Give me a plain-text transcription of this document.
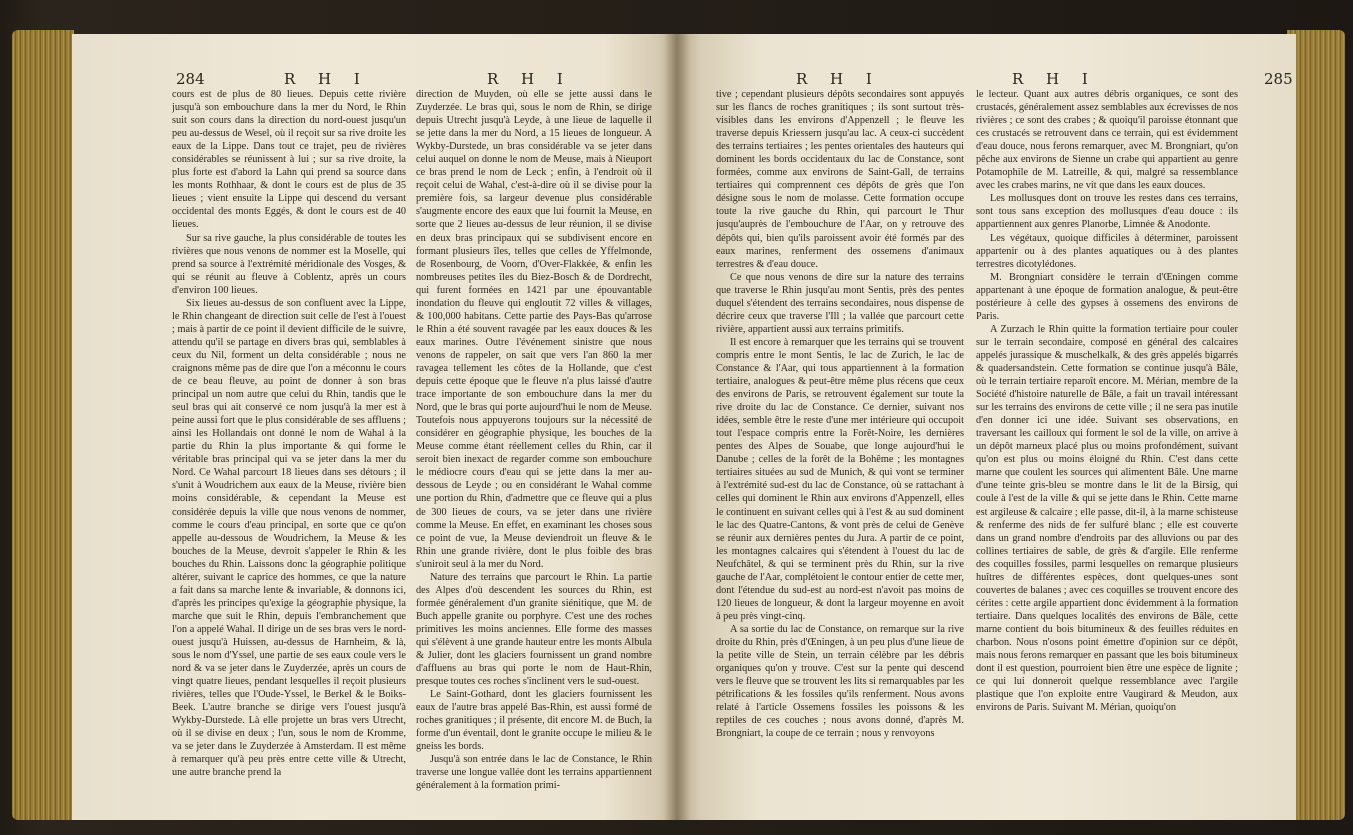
284	R H I	R H I

cours est de plus de 80 lieues. Depuis cette rivière jusqu'à son embouchure dans la mer du Nord, le Rhin suit son cours dans la direction du nord-ouest jusqu'un peu au-dessus de Wesel, où il reçoit sur sa rive droite les eaux de la Lippe. Dans tout ce trajet, peu de rivières considérables se réunissent à lui ; sur sa rive droite, la plus forte est d'abord la Lahn qui prend sa source dans les monts Rothhaar, & dont le cours est de plus de 35 lieues ; vient ensuite la Lippe qui descend du versant occidental des monts Eggés, & dont le cours est de 40 lieues.

Sur sa rive gauche, la plus considérable de toutes les rivières que nous venons de nommer est la Moselle, qui prend sa source à l'extrémité méridionale des Vosges, & qui se réunit au fleuve à Coblentz, après un cours d'environ 100 lieues.

Six lieues au-dessus de son confluent avec la Lippe, le Rhin changeant de direction suit celle de l'est à l'ouest ; mais à partir de ce point il devient difficile de le suivre, attendu qu'il se partage en divers bras qui, semblables à ceux du Nil, forment un delta considérable ; nous ne craignons même pas de dire que l'on a méconnu le cours de ce beau fleuve, au point de donner à son bras principal un nom autre que celui du Rhin, tandis que le seul bras qui ait conservé ce nom jusqu'à la mer est à peine aussi fort que le plus considérable de ses affluens ; ainsi les Hollandais ont donné le nom de Wahal à la partie du Rhin la plus importante & qui forme le véritable bras principal qui va se jeter dans la mer du Nord. Ce Wahal parcourt 18 lieues dans ses détours ; il s'unit à Woudrichem aux eaux de la Meuse, rivière bien moins considérable, & cependant la Meuse est considérée depuis la ville que nous venons de nommer, comme le cours d'eau principal, en sorte que ce qu'on appelle au-dessous de Woudrichem, la Meuse & les bouches de la Meuse, devroit s'appeler le Rhin & les bouches du Rhin. Laissons donc la géographie politique altérer, suivant le caprice des hommes, ce que la nature a fait dans sa marche lente & invariable, & donnons ici, d'après les principes qu'exige la géographie physique, la marche que suit le Rhin, depuis l'embranchement que l'on a appelé Wahal. Il dirige un de ses bras vers le nord-ouest jusqu'à Huissen, au-dessus de Harnheim, & là, sous le nom d'Yssel, une partie de ses eaux coule vers le nord & va se jeter dans le Zuyderzée, après un cours de vingt quatre lieues, pendant lesquelles il reçoit plusieurs rivières, telles que l'Oude-Yssel, le Berkel & le Boiks-Beek. L'autre branche se dirige vers l'ouest jusqu'à Wykby-Durstede. Là elle projette un bras vers Utrecht, où il se divise en deux ; l'un, sous le nom de Kromme, va se jeter dans le Zuyderzée à Amsterdam. Il est même à remarquer qu'à peu près entre cette ville & Utrecht, une autre branche prend la

direction de Muyden, où elle se jette aussi dans le Zuyderzée. Le bras qui, sous le nom de Rhin, se dirige depuis Utrecht jusqu'à Leyde, à une lieue de laquelle il se jette dans la mer du Nord, a 15 lieues de longueur. A Wykby-Durstede, un bras considérable va se jeter dans celui auquel on donne le nom de Meuse, mais à Nieuport ce bras prend le nom de Leck ; enfin, à l'endroit où il reçoit celui de Wahal, c'est-à-dire où il se divise pour la première fois, sa largeur devenue plus considérable s'augmente encore des eaux que lui fournit la Meuse, en sorte que 2 lieues au-dessus de leur réunion, il se divise en deux bras principaux qui se subdivisent encore en formant plusieurs îles, telles que celles de Yffelmonde, de Rosenbourg, de Voorn, d'Over-Flakkée, & enfin les nombreuses petites îles du Biez-Bosch & de Dordrecht, qui furent formées en 1421 par une épouvantable inondation du fleuve qui engloutit 72 villes & villages, & 100,000 habitans. Cette partie des Pays-Bas qu'arrose le Rhin a été souvent ravagée par les eaux douces & les eaux marines. Outre l'événement sinistre que nous venons de rappeler, on sait que vers l'an 860 la mer ravagea tellement les côtes de la Hollande, que c'est depuis cette époque que le fleuve n'a plus laissé d'autre trace importante de son embouchure dans la mer du Nord, que le bras qui porte aujourd'hui le nom de Meuse. Toutefois nous appuyerons toujours sur la nécessité de considérer en géographie physique, les bouches de la Meuse comme étant réellement celles du Rhin, car il seroit bien inexact de regarder comme son embouchure le médiocre cours d'eau qui se jette dans la mer au-dessous de Leyde ; ou en considérant le Wahal comme une portion du Rhin, d'admettre que ce fleuve qui a plus de 300 lieues de cours, va se jeter dans une rivière comme la Meuse. En effet, en examinant les choses sous ce point de vue, la Meuse deviendroit un fleuve & le Rhin une grande rivière, dont le plus foible des bras s'uniroit seul à la mer du Nord.

Nature des terrains que parcourt le Rhin. La partie des Alpes d'où descendent les sources du Rhin, est formée généralement d'un granite siénitique, que M. de Buch appelle granite ou porphyre. C'est une des roches primitives les moins anciennes. Elle forme des masses qui s'élèvent à une grande hauteur entre les monts Albula & Julier, dont les glaciers fournissent un grand nombre d'affluens au bras qui porte le nom de Haut-Rhin, presque toutes ces roches s'inclinent vers le sud-ouest.

Le Saint-Gothard, dont les glaciers fournissent les eaux de l'autre bras appelé Bas-Rhin, est aussi formé de roches granitiques ; il présente, dit encore M. de Buch, la forme d'un éventail, dont le granite occupe le milieu & le gneiss les bords.

Jusqu'à son entrée dans le lac de Constance, le Rhin traverse une longue vallée dont les terrains appartiennent généralement à la formation primi-

R H I	R H I	285

tive ; cependant plusieurs dépôts secondaires sont appuyés sur les flancs de roches granitiques ; ils sont surtout très-visibles dans les environs d'Appenzell ; le fleuve les traverse depuis Kriessern jusqu'au lac. A ceux-ci succèdent des terrains tertiaires ; les pentes orientales des hauteurs qui dominent les bords occidentaux du lac de Constance, sont formées, comme aux environs de Saint-Gall, de terrains tertiaires qui comprennent ces dépôts de grès que l'on désigne sous le nom de molasse. Cette formation occupe toute la rive gauche du Rhin, qui parcourt le Thur jusqu'auprès de l'embouchure de l'Aar, on y retrouve des dépôts qui, bien qu'ils paroissent avoir été formés par des eaux marines, renferment des ossemens d'animaux terrestres & d'eau douce.

Ce que nous venons de dire sur la nature des terrains que traverse le Rhin jusqu'au mont Sentis, près des pentes duquel s'étendent des terrains secondaires, nous dispense de décrire ceux que traverse l'Ill ; la vallée que parcourt cette rivière, appartient aussi aux terrains primitifs.

Il est encore à remarquer que les terrains qui se trouvent compris entre le mont Sentis, le lac de Zurich, le lac de Constance & l'Aar, qui tous appartiennent à la formation tertiaire, analogues & peut-être même plus récens que ceux des environs de Paris, se retrouvent également sur toute la rive droite du lac de Constance. Ce dernier, suivant nos idées, semble être le reste d'une mer intérieure qui occupoit tout l'espace compris entre la Forêt-Noire, les dernières pentes des Alpes de Souabe, que longe aujourd'hui le Danube ; celles de la forêt de la Bohême ; les montagnes tertiaires situées au sud de Munich, & qui vont se terminer à l'extrémité sud-est du lac de Constance, où se rattachant à celles qui dominent le Rhin aux environs d'Appenzell, elles le continuent en suivant celles qui à l'est & au sud dominent le lac des Quatre-Cantons, & vont près de celui de Genève se réunir aux dernières pentes du Jura. A partir de ce point, les montagnes calcaires qui s'étendent à l'ouest du lac de Neufchâtel, & qui se terminent près du Rhin, sur la rive gauche de l'Aar, complétoient le contour entier de cette mer, dont l'étendue du sud-est au nord-est n'avoit pas moins de 120 lieues de longueur, & dont la largeur moyenne en avoit à peu près vingt-cinq.

A sa sortie du lac de Constance, on remarque sur la rive droite du Rhin, près d'Œningen, à un peu plus d'une lieue de la petite ville de Stein, un terrain célèbre par les débris organiques qu'on y trouve. C'est sur la pente qui descend vers le fleuve que se trouvent les lits si remarquables par les pétrifications & les fossiles qu'ils renferment. Nous avons relaté à l'article Ossemens fossiles les poissons & les reptiles de ces couches ; nous avons donné, d'après M. Brongniart, la coupe de ce terrain ; nous y renvoyons

le lecteur. Quant aux autres débris organiques, ce sont des crustacés, généralement assez semblables aux écrevisses de nos rivières ; ce sont des crabes ; & quoiqu'il paroisse étonnant que ces crustacés se retrouvent dans ce terrain, qui est évidemment d'eau douce, nous ferons remarquer, avec M. Brongniart, qu'on pêche aux environs de Sienne un crabe qui appartient au genre Potamophile de M. Latreille, & qui, malgré sa ressemblance avec les crabes marins, ne vit que dans les eaux douces.

Les mollusques dont on trouve les restes dans ces terrains, sont tous sans exception des mollusques d'eau douce : ils appartiennent aux genres Planorbe, Limnée & Anodonte.

Les végétaux, quoique difficiles à déterminer, paroissent appartenir ou à des plantes aquatiques ou à des plantes terrestres dicotylédones.

M. Brongniart considère le terrain d'Œningen comme appartenant à une époque de formation analogue, & peut-être postérieure à celle des gypses à ossemens des environs de Paris.

A Zurzach le Rhin quitte la formation tertiaire pour couler sur le terrain secondaire, composé en général des calcaires appelés jurassique & muschelkalk, & des grès appelés bigarrés & quadersandstein. Cette formation se continue jusqu'à Bâle, où le terrain tertiaire reparoît encore. M. Mérian, membre de la Société d'histoire naturelle de Bâle, a fait un travail intéressant sur les terrains des environs de cette ville ; il ne sera pas inutile d'en donner ici une idée. Suivant ses observations, en traversant les cailloux qui forment le sol de la ville, on arrive à un dépôt marneux placé plus ou moins profondément, suivant qu'on est plus ou moins éloigné du Rhin. C'est dans cette marne que coulent les sources qui alimentent Bâle. Une marne d'une teinte gris-bleu se montre dans le lit de la Birsig, qui coule à l'est de la ville & qui se jette dans le Rhin. Cette marne est argileuse & calcaire ; elle passe, dit-il, à la marne schisteuse & renferme des nids de fer sulfuré blanc ; elle est couverte dans un grand nombre d'endroits par des alluvions ou par des collines tertiaires de sable, de grès & d'argile. Elle renferme des coquilles fossiles, parmi lesquelles on remarque plusieurs huîtres de différentes espèces, dont quelques-unes sont couvertes de balanes ; avec ces coquilles se trouvent encore des cérites : cette argile appartient donc évidemment à la formation tertiaire. Dans quelques localités des environs de Bâle, cette marne contient du bois bitumineux & des feuilles réduites en charbon. Nous n'osons point émettre d'opinion sur ce dépôt, mais nous ferons remarquer en passant que les bois bitumineux dont il est question, pourroient bien être une espèce de lignite ; ce qui lui donneroit quelque ressemblance avec l'argile plastique que l'on exploite entre Vaugirard & Meudon, aux environs de Paris. Suivant M. Mérian, quoiqu'on
